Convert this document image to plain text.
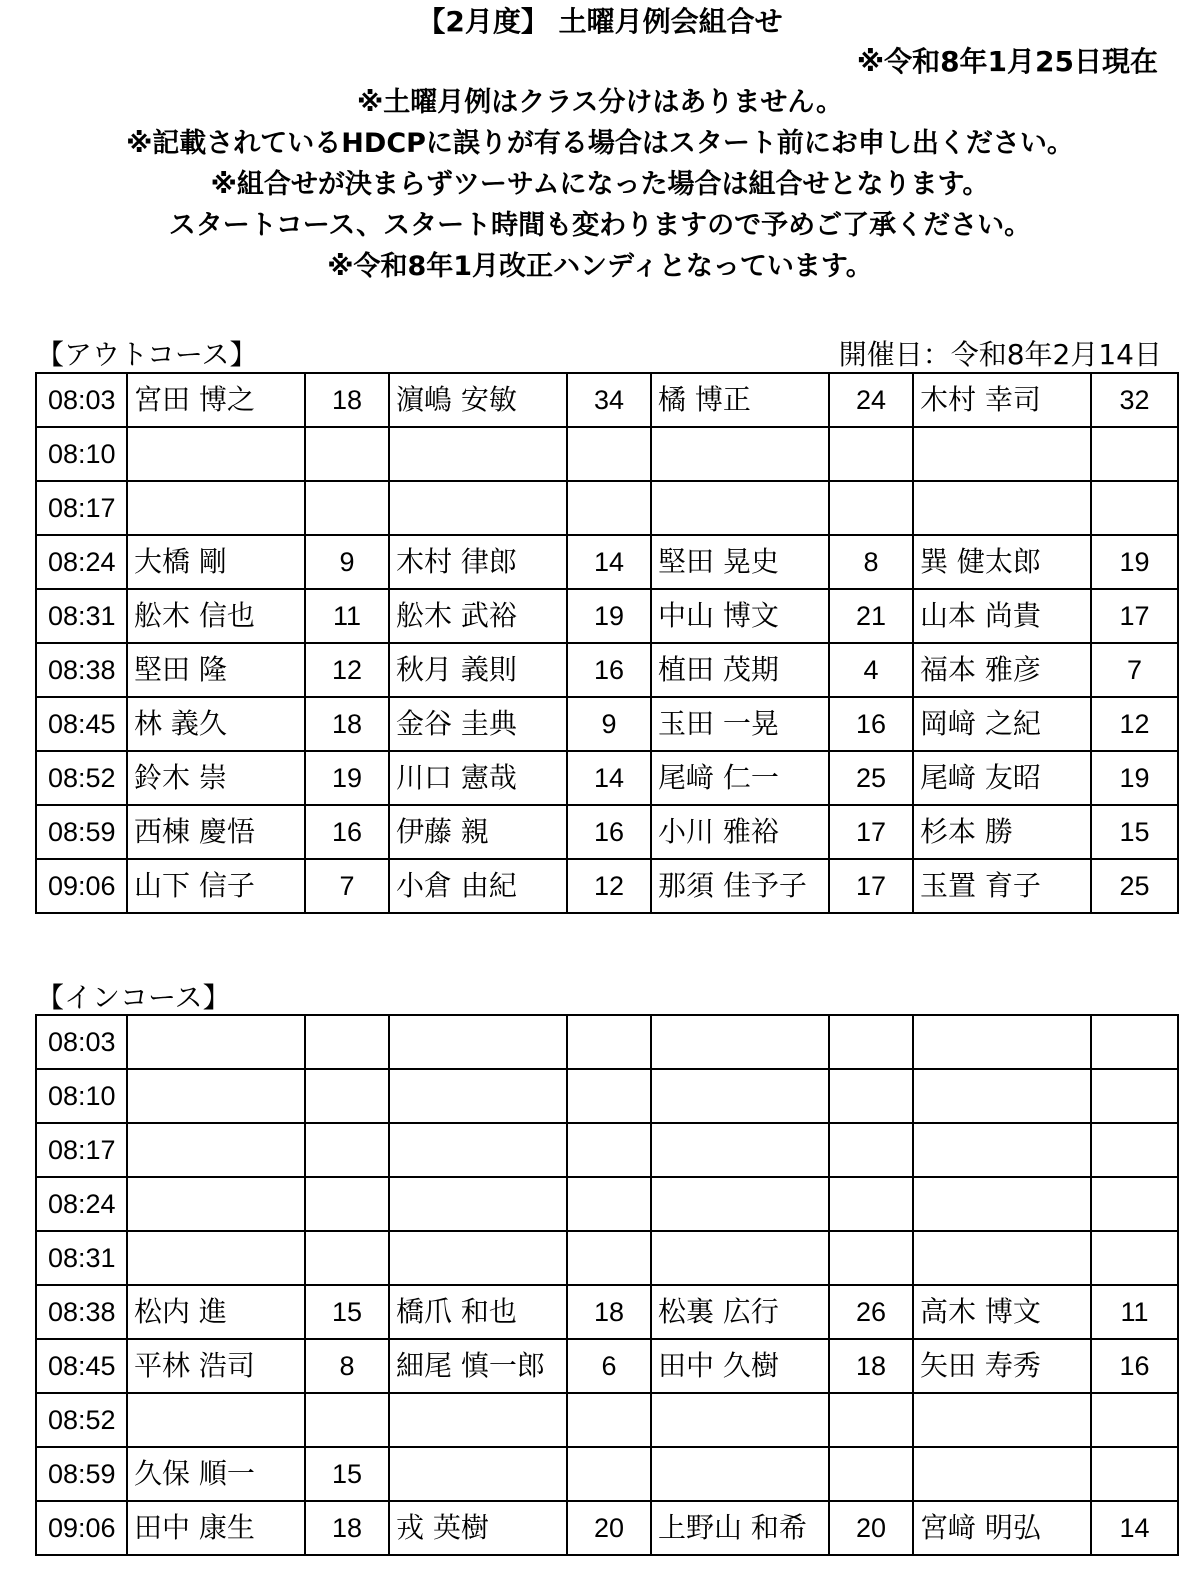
【2月度】 土曜月例会組合せ
※令和8年1月25日現在
※土曜月例はクラス分けはありません。
※記載されているHDCPに誤りが有る場合はスタート前にお申し出ください。
※組合せが決まらずツーサムになった場合は組合せとなります。
スタートコース、スタート時間も変わりますので予めご了承ください。
※令和8年1月改正ハンディとなっています。
【アウトコース】	開催日：令和8年2月14日
08:03	宮田 博之	18	濵嶋 安敏	34	橘 博正	24	木村 幸司	32
08:10								
08:17								
08:24	大橋 剛	9	木村 律郎	14	堅田 晃史	8	巽 健太郎	19
08:31	舩木 信也	11	舩木 武裕	19	中山 博文	21	山本 尚貴	17
08:38	堅田 隆	12	秋月 義則	16	植田 茂期	4	福本 雅彦	7
08:45	林 義久	18	金谷 圭典	9	玉田 一晃	16	岡﨑 之紀	12
08:52	鈴木 崇	19	川口 憲哉	14	尾﨑 仁一	25	尾﨑 友昭	19
08:59	西棟 慶悟	16	伊藤 親	16	小川 雅裕	17	杉本 勝	15
09:06	山下 信子	7	小倉 由紀	12	那須 佳予子	17	玉置 育子	25
【インコース】
08:03								
08:10								
08:17								
08:24								
08:31								
08:38	松内 進	15	橋爪 和也	18	松裏 広行	26	高木 博文	11
08:45	平林 浩司	8	細尾 慎一郎	6	田中 久樹	18	矢田 寿秀	16
08:52								
08:59	久保 順一	15						
09:06	田中 康生	18	戎 英樹	20	上野山 和希	20	宮﨑 明弘	14
